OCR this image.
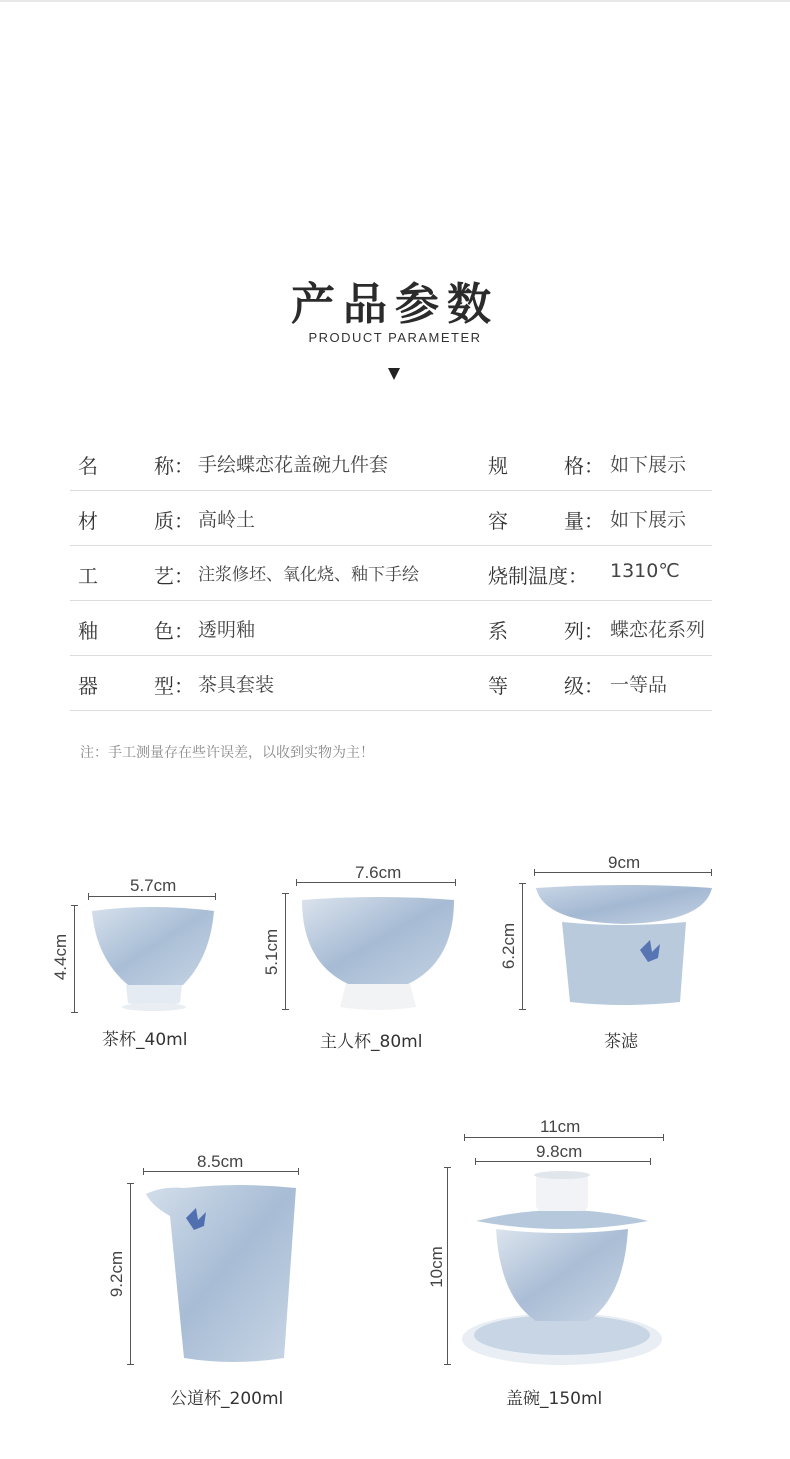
产品参数
PRODUCT PARAMETER
名	称： 手绘蝶恋花盖碗九件套	规	格： 如下展示
材	质： 高岭土	容	量： 如下展示
工	艺： 注浆修坯、氧化烧、釉下手绘	烧制温度： 1310℃
釉	色： 透明釉	系	列： 蝶恋花系列
器	型： 茶具套装	等	级： 一等品
注：手工测量存在些许误差，以收到实物为主！
5.7cm
4.4cm
茶杯_40ml
7.6cm
5.1cm
主人杯_80ml
9cm
6.2cm
茶滤
8.5cm
9.2cm
公道杯_200ml
11cm
9.8cm
10cm
盖碗_150ml
